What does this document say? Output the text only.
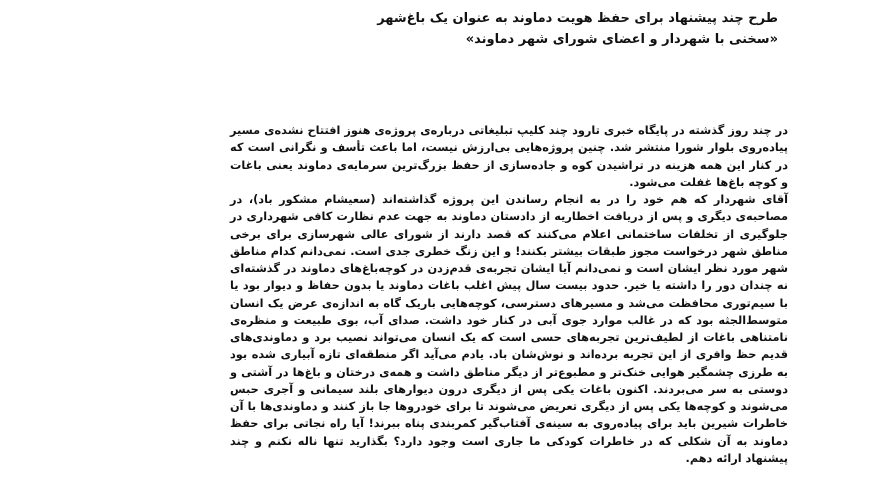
طرح چند پیشنهاد برای حفظ هویت دماوند به عنوان یک باغ‌شهر
«سخنی با شهردار و اعضای شورای شهر دماوند»

در چند روز گذشته در پایگاه خبری تارود چند کلیپ تبلیغاتی درباره‌ی پروژه‌ی هنوز افتتاح نشده‌ی مسیر پیاده‌روی بلوار شورا منتشر شد. چنین پروژه‌هایی بی‌ارزش نیست، اما باعث تأسف و نگرانی است که در کنار این همه هزینه در تراشیدن کوه و جاده‌سازی از حفظ بزرگ‌ترین سرمایه‌ی دماوند یعنی باغات و کوچه باغ‌ها غفلت می‌شود.

آقای شهردار که هم خود را در به انجام رساندن این پروژه گذاشته‌اند (سعیشام مشکور باد)، در مصاحبه‌ی دیگری و پس از دریافت اخطاریه از دادستان دماوند به جهت عدم نظارت کافی شهرداری در جلوگیری از تخلفات ساختمانی اعلام می‌کنند که قصد دارند از شورای عالی شهرسازی برای برخی مناطق شهر درخواست مجوز طبقات بیشتر بکنند! و این زنگ خطری جدی است. نمی‌دانم کدام مناطق شهر مورد نظر ایشان است و نمی‌دانم آیا ایشان تجربه‌ی قدم‌زدن در کوچه‌باغ‌های دماوند در گذشته‌ای نه چندان دور را داشته یا خیر. حدود بیست سال پیش اغلب باغات دماوند یا بدون حفاظ و دیوار بود یا با سیم‌توری محافظت می‌شد و مسیرهای دسترسی، کوچه‌هایی باریک گاه به اندازه‌ی عرض یک انسان متوسط‌الجثه بود که در غالب موارد جوی آبی در کنار خود داشت. صدای آب، بوی طبیعت و منظره‌ی نامتناهی باغات از لطیف‌ترین تجربه‌های حسی است که یک انسان می‌تواند نصیب برد و دماوندی‌های قدیم حظ وافری از این تجربه برده‌اند و نوش‌شان باد. یادم می‌آید اگر منطقه‌ای تازه آبیاری شده بود به طرزی چشمگیر هوایی خنک‌تر و مطبوع‌تر از دیگر مناطق داشت و همه‌ی درختان و باغ‌ها در آشتی و دوستی به سر می‌بردند. اکنون باغات یکی پس از دیگری درون دیوارهای بلند سیمانی و آجری حبس می‌شوند و کوچه‌ها یکی پس از دیگری تعریض می‌شوند تا برای خودروها جا باز کنند و دماوندی‌ها با آن خاطرات شیرین باید برای پیاده‌روی به سینه‌ی آفتاب‌گیر کمربندی پناه ببرند! آیا راه نجاتی برای حفظ دماوند به آن شکلی که در خاطرات کودکی ما جاری است وجود دارد؟ بگذارید تنها ناله نکنم و چند پیشنهاد ارائه دهم.
